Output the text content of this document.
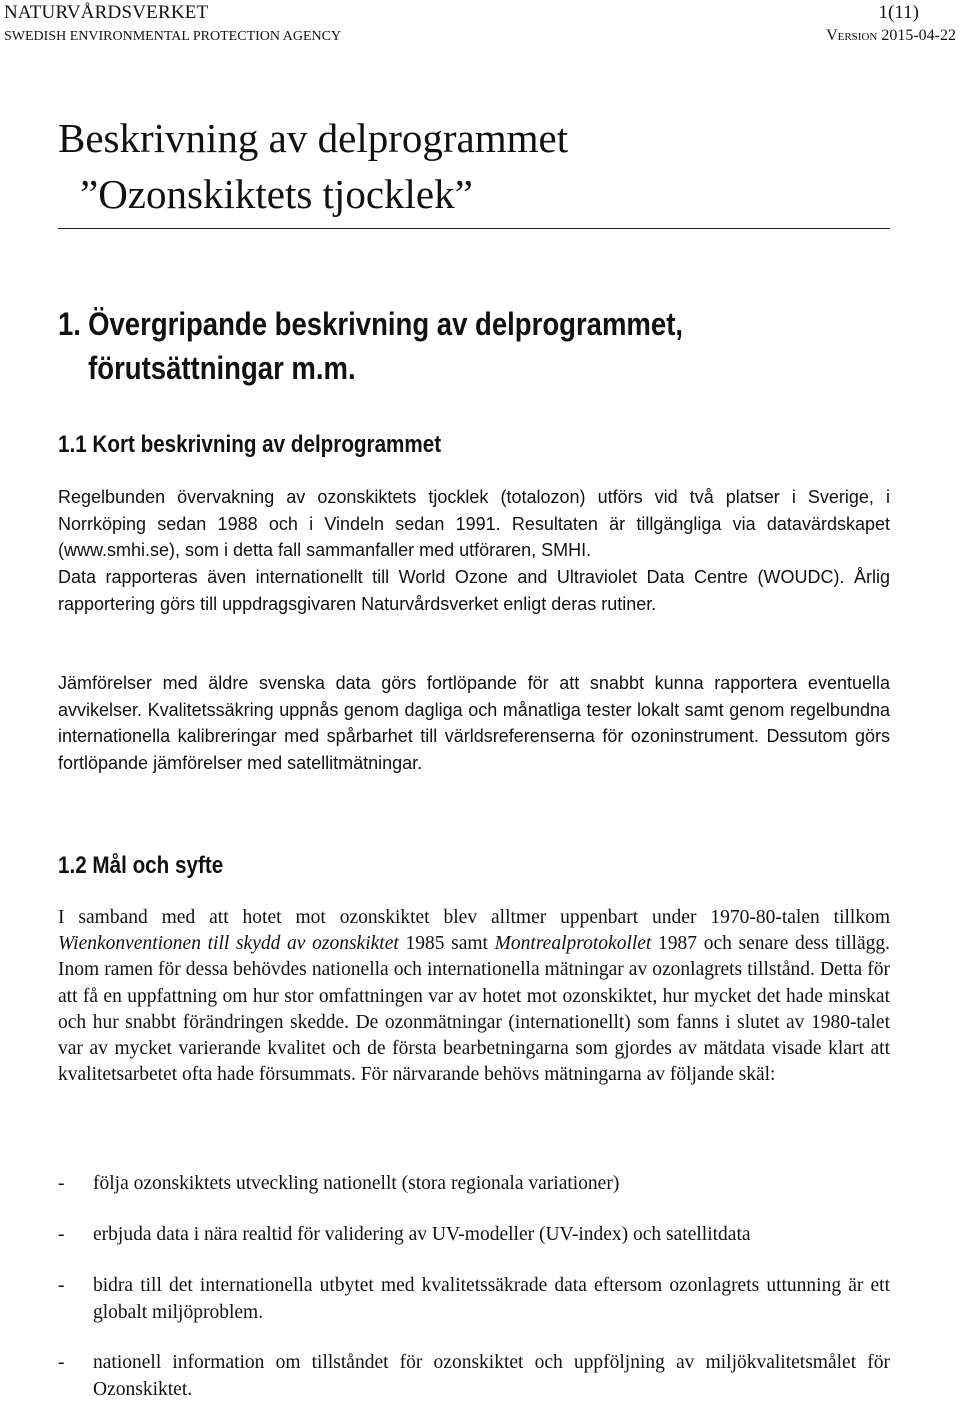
NATURVÅRDSVERKET
SWEDISH ENVIRONMENTAL PROTECTION AGENCY
1(11)
Version 2015-04-22
Beskrivning av delprogrammet
”Ozonskiktets tjocklek”
1. Övergripande beskrivning av delprogrammet,
förutsättningar m.m.
1.1 Kort beskrivning av delprogrammet

Regelbunden övervakning av ozonskiktets tjocklek (totalozon) utförs vid två platser i Sverige, i Norrköping sedan 1988 och i Vindeln sedan 1991. Resultaten är tillgängliga via datavärdskapet (www.smhi.se), som i detta fall sammanfaller med utföraren, SMHI.

Data rapporteras även internationellt till World Ozone and Ultraviolet Data Centre (WOUDC). Årlig rapportering görs till uppdragsgivaren Naturvårdsverket enligt deras rutiner.

Jämförelser med äldre svenska data görs fortlöpande för att snabbt kunna rapportera eventuella avvikelser. Kvalitetssäkring uppnås genom dagliga och månatliga tester lokalt samt genom regelbundna internationella kalibreringar med spårbarhet till världsreferenserna för ozoninstrument. Dessutom görs fortlöpande jämförelser med satellitmätningar.

1.2 Mål och syfte

I samband med att hotet mot ozonskiktet blev alltmer uppenbart under 1970-80-talen tillkom Wienkonventionen till skydd av ozonskiktet 1985 samt Montrealprotokollet 1987 och senare dess tillägg. Inom ramen för dessa behövdes nationella och internationella mätningar av ozonlagrets tillstånd. Detta för att få en uppfattning om hur stor omfattningen var av hotet mot ozonskiktet, hur mycket det hade minskat och hur snabbt förändringen skedde. De ozonmätningar (internationellt) som fanns i slutet av 1980-talet var av mycket varierande kvalitet och de första bearbetningarna som gjordes av mätdata visade klart att kvalitetsarbetet ofta hade försummats. För närvarande behövs mätningarna av följande skäl:

-	följa ozonskiktets utveckling nationellt (stora regionala variationer)
-	erbjuda data i nära realtid för validering av UV-modeller (UV-index) och satellitdata
-	bidra till det internationella utbytet med kvalitetssäkrade data eftersom ozonlagrets uttunning är ett globalt miljöproblem.
-	nationell information om tillståndet för ozonskiktet och uppföljning av miljökvalitetsmålet för Ozonskiktet.
